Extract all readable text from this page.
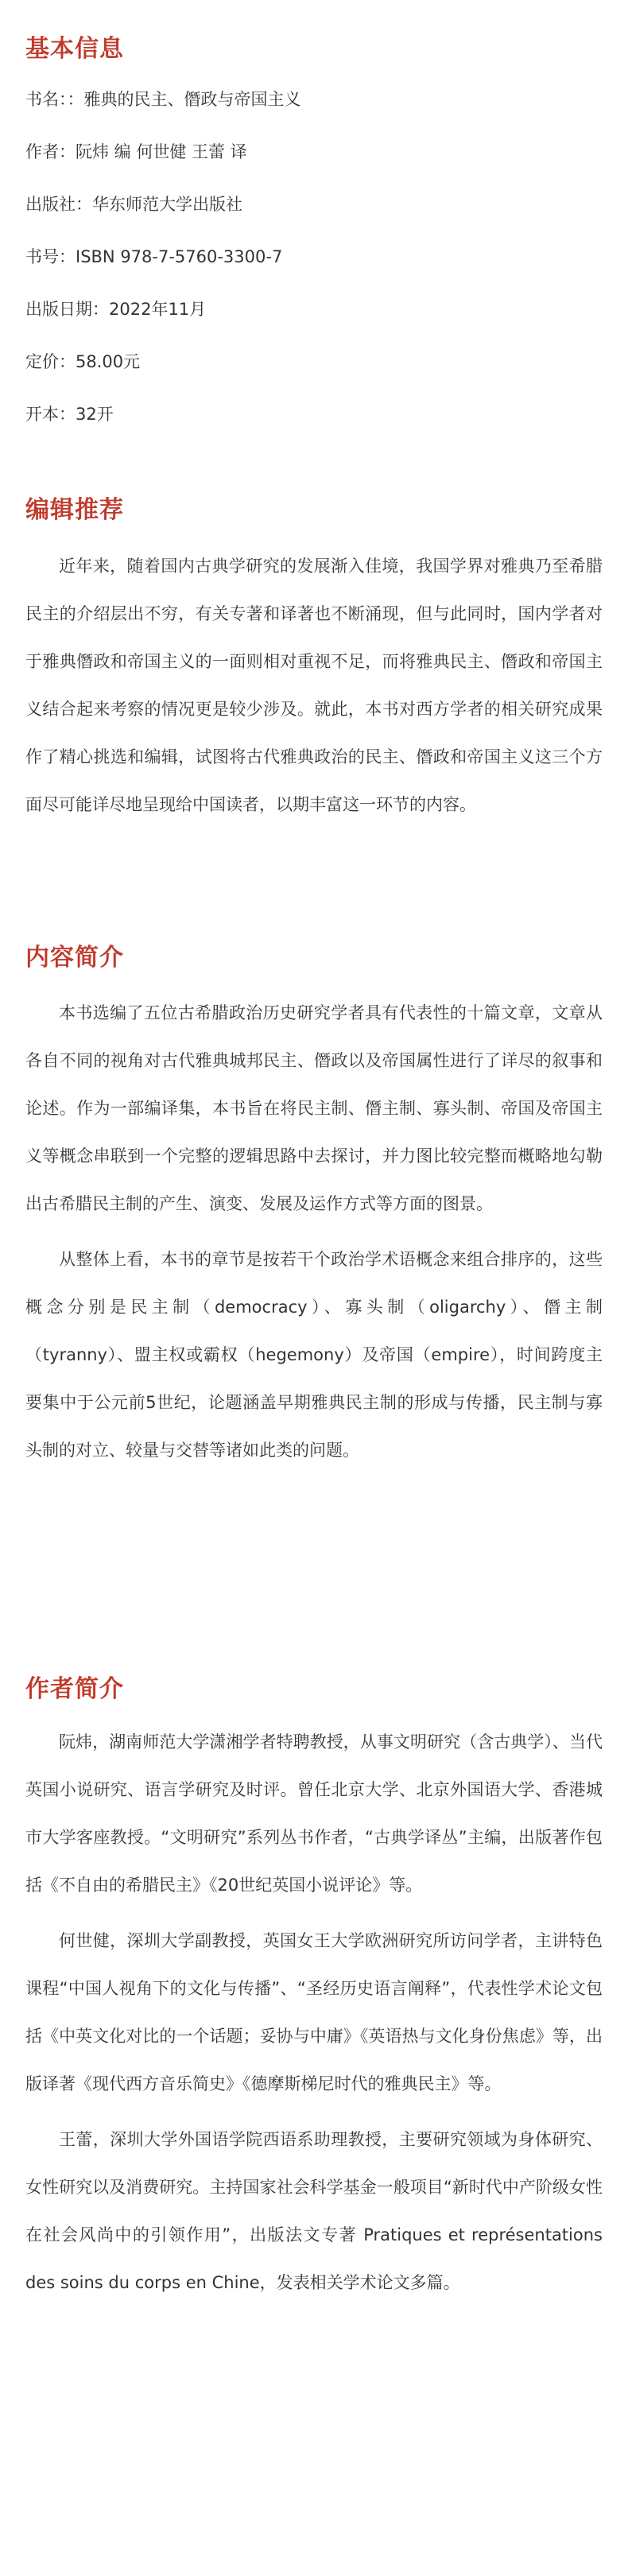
基本信息
书名：：雅典的民主、僭政与帝国主义
作者：阮炜 编 何世健 王蕾 译
出版社：华东师范大学出版社
书号：ISBN 978-7-5760-3300-7
出版日期：2022年11月
定价：58.00元
开本：32开
编辑推荐

近年来，随着国内古典学研究的发展渐入佳境，我国学界对雅典乃至希腊民主的介绍层出不穷，有关专著和译著也不断涌现，但与此同时，国内学者对于雅典僭政和帝国主义的一面则相对重视不足，而将雅典民主、僭政和帝国主义结合起来考察的情况更是较少涉及。就此，本书对西方学者的相关研究成果作了精心挑选和编辑，试图将古代雅典政治的民主、僭政和帝国主义这三个方面尽可能详尽地呈现给中国读者，以期丰富这一环节的内容。

内容简介

本书选编了五位古希腊政治历史研究学者具有代表性的十篇文章，文章从各自不同的视角对古代雅典城邦民主、僭政以及帝国属性进行了详尽的叙事和论述。作为一部编译集，本书旨在将民主制、僭主制、寡头制、帝国及帝国主义等概念串联到一个完整的逻辑思路中去探讨，并力图比较完整而概略地勾勒出古希腊民主制的产生、演变、发展及运作方式等方面的图景。

从整体上看，本书的章节是按若干个政治学术语概念来组合排序的，这些概念分别是民主制（democracy）、寡头制（oligarchy）、僭主制（tyranny）、盟主权或霸权（hegemony）及帝国（empire），时间跨度主要集中于公元前5世纪，论题涵盖早期雅典民主制的形成与传播，民主制与寡头制的对立、较量与交替等诸如此类的问题。

作者简介

阮炜，湖南师范大学潇湘学者特聘教授，从事文明研究（含古典学）、当代英国小说研究、语言学研究及时评。曾任北京大学、北京外国语大学、香港城市大学客座教授。“文明研究”系列丛书作者，“古典学译丛”主编，出版著作包括《不自由的希腊民主》《20世纪英国小说评论》等。

何世健，深圳大学副教授，英国女王大学欧洲研究所访问学者，主讲特色课程“中国人视角下的文化与传播”、“圣经历史语言阐释”，代表性学术论文包括《中英文化对比的一个话题；妥协与中庸》《英语热与文化身份焦虑》等，出版译著《现代西方音乐简史》《德摩斯梯尼时代的雅典民主》等。

王蕾，深圳大学外国语学院西语系助理教授，主要研究领域为身体研究、女性研究以及消费研究。主持国家社会科学基金一般项目“新时代中产阶级女性在社会风尚中的引领作用”，出版法文专著 Pratiques et représentations des soins du corps en Chine，发表相关学术论文多篇。
